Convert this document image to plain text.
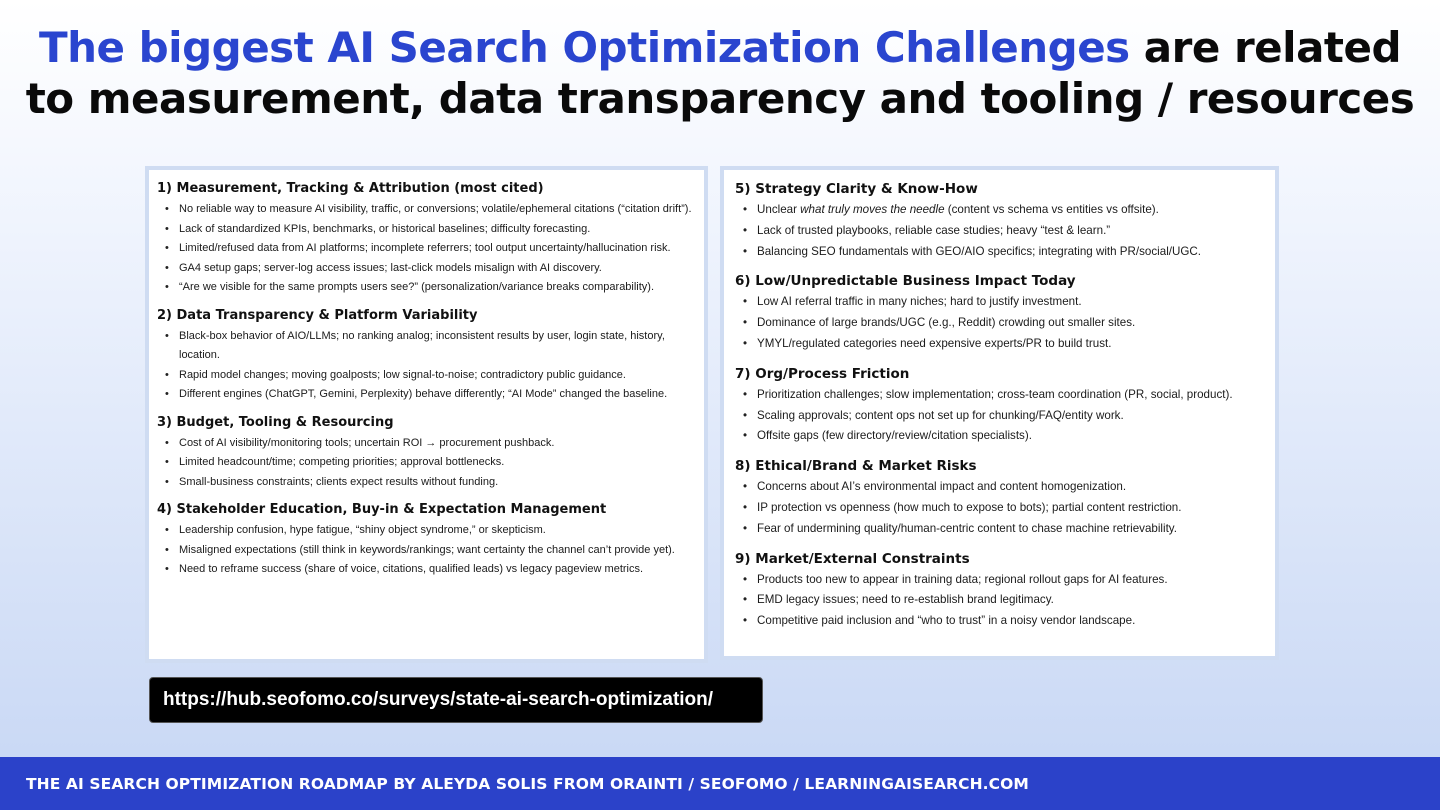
The biggest AI Search Optimization Challenges are related
to measurement, data transparency and tooling / resources
1) Measurement, Tracking & Attribution (most cited)
• No reliable way to measure AI visibility, traffic, or conversions; volatile/ephemeral citations (“citation drift”).
• Lack of standardized KPIs, benchmarks, or historical baselines; difficulty forecasting.
• Limited/refused data from AI platforms; incomplete referrers; tool output uncertainty/hallucination risk.
• GA4 setup gaps; server-log access issues; last-click models misalign with AI discovery.
• “Are we visible for the same prompts users see?” (personalization/variance breaks comparability).
2) Data Transparency & Platform Variability
• Black-box behavior of AIO/LLMs; no ranking analog; inconsistent results by user, login state, history, location.
• Rapid model changes; moving goalposts; low signal-to-noise; contradictory public guidance.
• Different engines (ChatGPT, Gemini, Perplexity) behave differently; “AI Mode” changed the baseline.
3) Budget, Tooling & Resourcing
• Cost of AI visibility/monitoring tools; uncertain ROI → procurement pushback.
• Limited headcount/time; competing priorities; approval bottlenecks.
• Small-business constraints; clients expect results without funding.
4) Stakeholder Education, Buy-in & Expectation Management
• Leadership confusion, hype fatigue, “shiny object syndrome,” or skepticism.
• Misaligned expectations (still think in keywords/rankings; want certainty the channel can’t provide yet).
• Need to reframe success (share of voice, citations, qualified leads) vs legacy pageview metrics.
5) Strategy Clarity & Know-How
• Unclear what truly moves the needle (content vs schema vs entities vs offsite).
• Lack of trusted playbooks, reliable case studies; heavy “test & learn.”
• Balancing SEO fundamentals with GEO/AIO specifics; integrating with PR/social/UGC.
6) Low/Unpredictable Business Impact Today
• Low AI referral traffic in many niches; hard to justify investment.
• Dominance of large brands/UGC (e.g., Reddit) crowding out smaller sites.
• YMYL/regulated categories need expensive experts/PR to build trust.
7) Org/Process Friction
• Prioritization challenges; slow implementation; cross-team coordination (PR, social, product).
• Scaling approvals; content ops not set up for chunking/FAQ/entity work.
• Offsite gaps (few directory/review/citation specialists).
8) Ethical/Brand & Market Risks
• Concerns about AI’s environmental impact and content homogenization.
• IP protection vs openness (how much to expose to bots); partial content restriction.
• Fear of undermining quality/human-centric content to chase machine retrievability.
9) Market/External Constraints
• Products too new to appear in training data; regional rollout gaps for AI features.
• EMD legacy issues; need to re-establish brand legitimacy.
• Competitive paid inclusion and “who to trust” in a noisy vendor landscape.
https://hub.seofomo.co/surveys/state-ai-search-optimization/
THE AI SEARCH OPTIMIZATION ROADMAP BY ALEYDA SOLIS FROM ORAINTI / SEOFOMO / LEARNINGAISEARCH.COM
